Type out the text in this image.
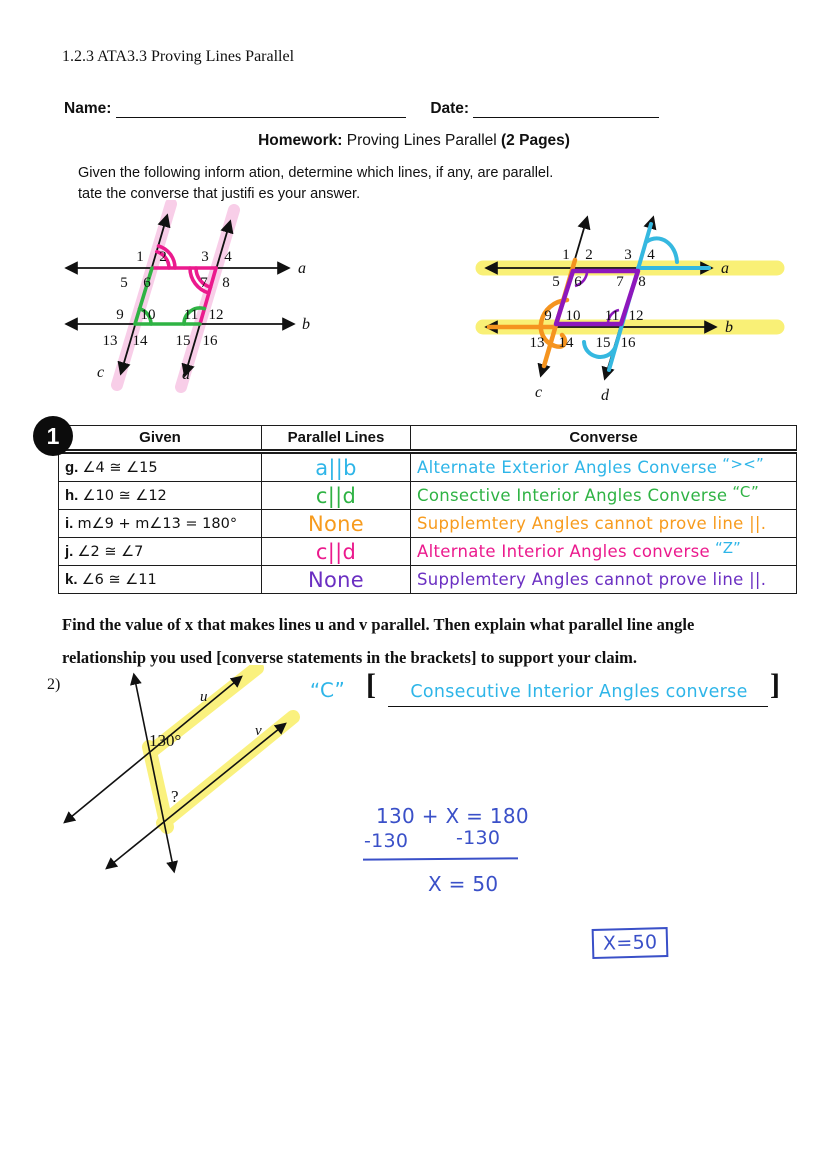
1.2.3 ATA3.3 Proving Lines Parallel
Name:	Date:
Homework: Proving Lines Parallel (2 Pages)
Given the following inform ation, determine which lines, if any, are parallel.
tate the converse that justifi es your answer.
1 2 3 4
5 6	7 8
9 10 11 12
13 14 15 16
a
b
c	d
1 2 3 4
5 6 7 8
9 10 11 12
13 14 15 16
a
b
c	d
1	Given	Parallel Lines	Converse
g. ∠4 ≅ ∠15	a||b	Alternate Exterior Angles Converse “><”
h. ∠10 ≅ ∠12	c||d	Consective Interior Angles Converse “C”
i. m∠9 + m∠13 = 180°	None	Supplemtery Angles cannot prove line ||.
j. ∠2 ≅ ∠7	c||d	Alternate Interior Angles converse “Z”
k. ∠6 ≅ ∠11	None	Supplemtery Angles cannot prove line ||.
Find the value of x that makes lines u and v parallel. Then explain what parallel line angle
relationship you used [converse statements in the brackets] to support your claim.
2)
130°
?
u
v
“C” [	Consecutive Interior Angles converse ]
130 + X = 180
-130	-130
X = 50
X=50
